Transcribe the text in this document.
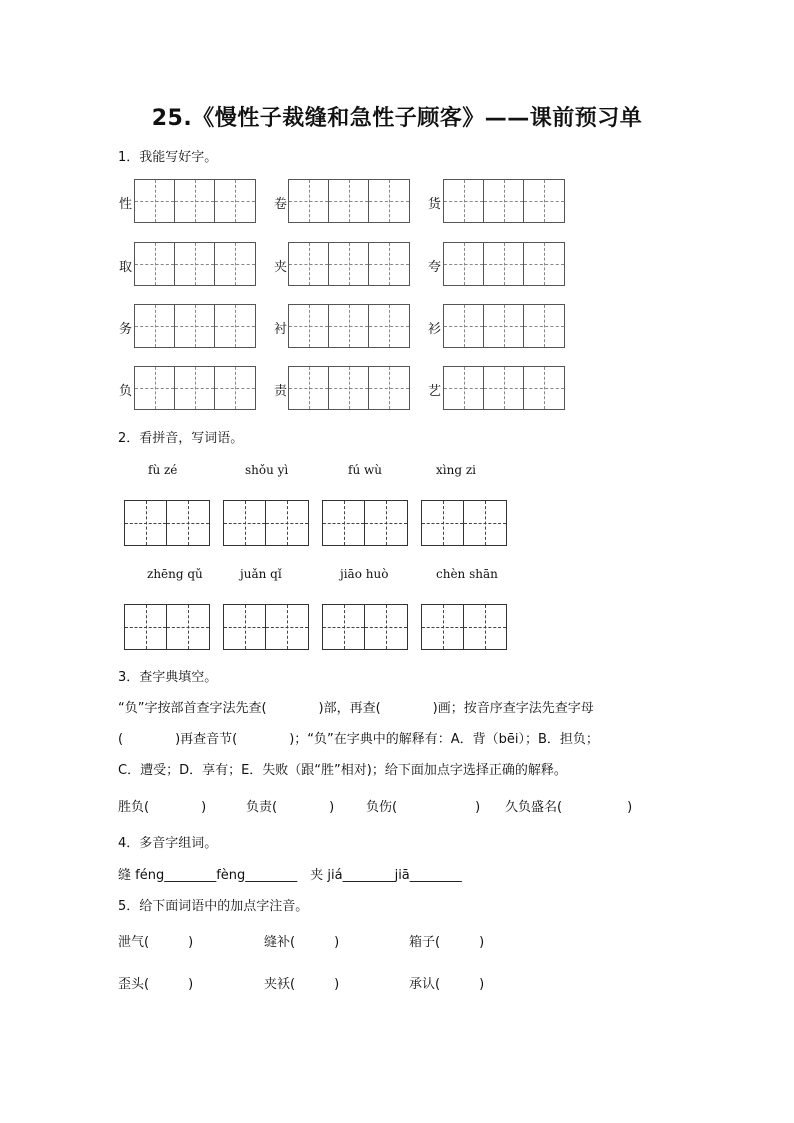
25.《慢性子裁缝和急性子顾客》——课前预习单
1．我能写好字。
性	卷	货
取	夹	夸
务	衬	衫
负	责	艺
2．看拼音，写词语。
fù zé	shǒu yì	fú wù	xìng zi
zhēng qǔ	juǎn qǐ	jiāo huò	chèn shān
3．查字典填空。
“负”字按部首查字法先查(　　　　)部，再查(　　　　)画；按音序查字法先查字母
(　　　　)再查音节(　　　　)；“负”在字典中的解释有：A．背（bēi）；B．担负；
C．遭受；D．享有；E．失败（跟“胜”相对)；给下面加点字选择正确的解释。
胜负(　　　　)	负责(　　　　) 负伤(　　　　　　) 久负盛名(　　　　　)
4．多音字组词。
缝 féng________fèng________　夹 jiá________jiā________
5．给下面词语中的加点字注音。
泄气(　　　)	缝补(　　　)	箱子(　　　)
歪头(　　　)	夹袄(　　　)	承认(　　　)
